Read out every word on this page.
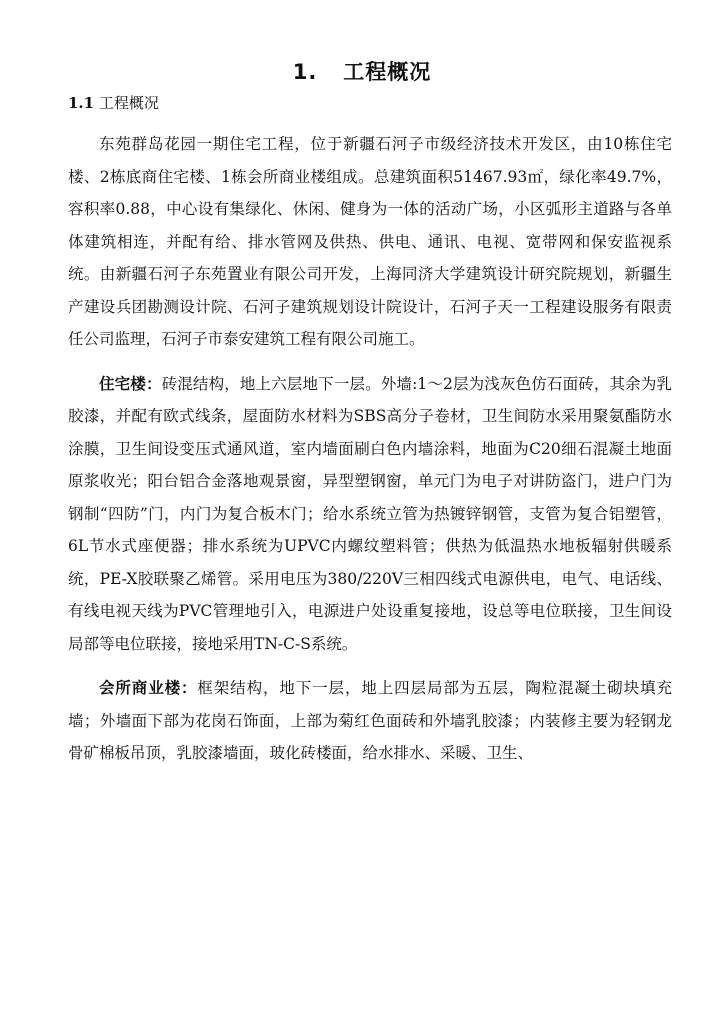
1. 工程概况
1.1 工程概况

东苑群岛花园一期住宅工程，位于新疆石河子市级经济技术开发区，由10栋住宅楼、2栋底商住宅楼、1栋会所商业楼组成。总建筑面积51467.93㎡，绿化率49.7%，容积率0.88，中心设有集绿化、休闲、健身为一体的活动广场，小区弧形主道路与各单体建筑相连，并配有给、排水管网及供热、供电、通讯、电视、宽带网和保安监视系统。由新疆石河子东苑置业有限公司开发，上海同济大学建筑设计研究院规划，新疆生产建设兵团勘测设计院、石河子建筑规划设计院设计，石河子天一工程建设服务有限责任公司监理，石河子市泰安建筑工程有限公司施工。

住宅楼：砖混结构，地上六层地下一层。外墙:1～2层为浅灰色仿石面砖，其余为乳胶漆，并配有欧式线条，屋面防水材料为SBS高分子卷材，卫生间防水采用聚氨酯防水涂膜，卫生间设变压式通风道，室内墙面刷白色内墙涂料，地面为C20细石混凝土地面原浆收光；阳台铝合金落地观景窗，异型塑钢窗，单元门为电子对讲防盗门，进户门为钢制“四防”门，内门为复合板木门；给水系统立管为热镀锌钢管，支管为复合铝塑管，6L节水式座便器；排水系统为UPVC内螺纹塑料管；供热为低温热水地板辐射供暖系统，PE-X胶联聚乙烯管。采用电压为380/220V三相四线式电源供电，电气、电话线、有线电视天线为PVC管理地引入，电源进户处设重复接地，设总等电位联接，卫生间设局部等电位联接，接地采用TN-C-S系统。

会所商业楼：框架结构，地下一层，地上四层局部为五层，陶粒混凝土砌块填充墙；外墙面下部为花岗石饰面，上部为菊红色面砖和外墙乳胶漆；内装修主要为轻钢龙骨矿棉板吊顶，乳胶漆墙面，玻化砖楼面，给水排水、采暖、卫生、
